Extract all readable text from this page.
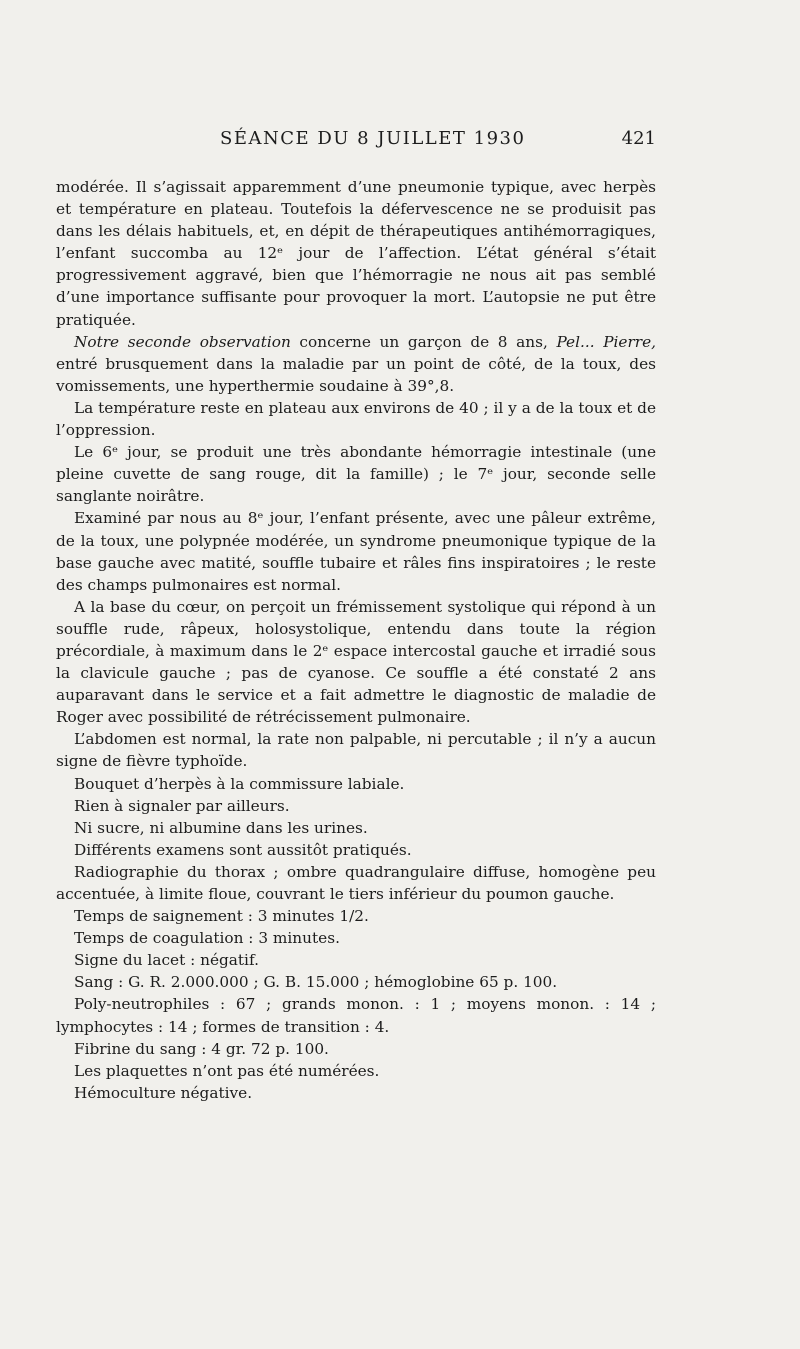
SÉANCE DU 8 JUILLET 1930	421

modérée. Il s’agissait apparemment d’une pneumonie typique, avec herpès et température en plateau. Toutefois la défervescence ne se produisit pas dans les délais habituels, et, en dépit de thérapeutiques antihémorragiques, l’enfant succomba au 12ᵉ jour de l’affection. L’état général s’était progressivement aggravé, bien que l’hémorragie ne nous ait pas semblé d’une importance suffisante pour provoquer la mort. L’autopsie ne put être pratiquée.

Notre seconde observation concerne un garçon de 8 ans, Pel... Pierre, entré brusquement dans la maladie par un point de côté, de la toux, des vomissements, une hyperthermie soudaine à 39°,8.

La température reste en plateau aux environs de 40 ; il y a de la toux et de l’oppression.

Le 6ᵉ jour, se produit une très abondante hémorragie intestinale (une pleine cuvette de sang rouge, dit la famille) ; le 7ᵉ jour, seconde selle sanglante noirâtre.

Examiné par nous au 8ᵉ jour, l’enfant présente, avec une pâleur extrême, de la toux, une polypnée modérée, un syndrome pneumonique typique de la base gauche avec matité, souffle tubaire et râles fins inspiratoires ; le reste des champs pulmonaires est normal.

A la base du cœur, on perçoit un frémissement systolique qui répond à un souffle rude, râpeux, holosystolique, entendu dans toute la région précordiale, à maximum dans le 2ᵉ espace intercostal gauche et irradié sous la clavicule gauche ; pas de cyanose. Ce souffle a été constaté 2 ans auparavant dans le service et a fait admettre le diagnostic de maladie de Roger avec possibilité de rétrécissement pulmonaire.

L’abdomen est normal, la rate non palpable, ni percutable ; il n’y a aucun signe de fièvre typhoïde.

Bouquet d’herpès à la commissure labiale.

Rien à signaler par ailleurs.

Ni sucre, ni albumine dans les urines.

Différents examens sont aussitôt pratiqués.

Radiographie du thorax ; ombre quadrangulaire diffuse, homogène peu accentuée, à limite floue, couvrant le tiers inférieur du poumon gauche.

Temps de saignement : 3 minutes 1/2.

Temps de coagulation : 3 minutes.

Signe du lacet : négatif.

Sang : G. R. 2.000.000 ; G. B. 15.000 ; hémoglobine 65 p. 100.

Poly-neutrophiles : 67 ; grands monon. : 1 ; moyens monon. : 14 ; lymphocytes : 14 ; formes de transition : 4.

Fibrine du sang : 4 gr. 72 p. 100.

Les plaquettes n’ont pas été numérées.

Hémoculture négative.
